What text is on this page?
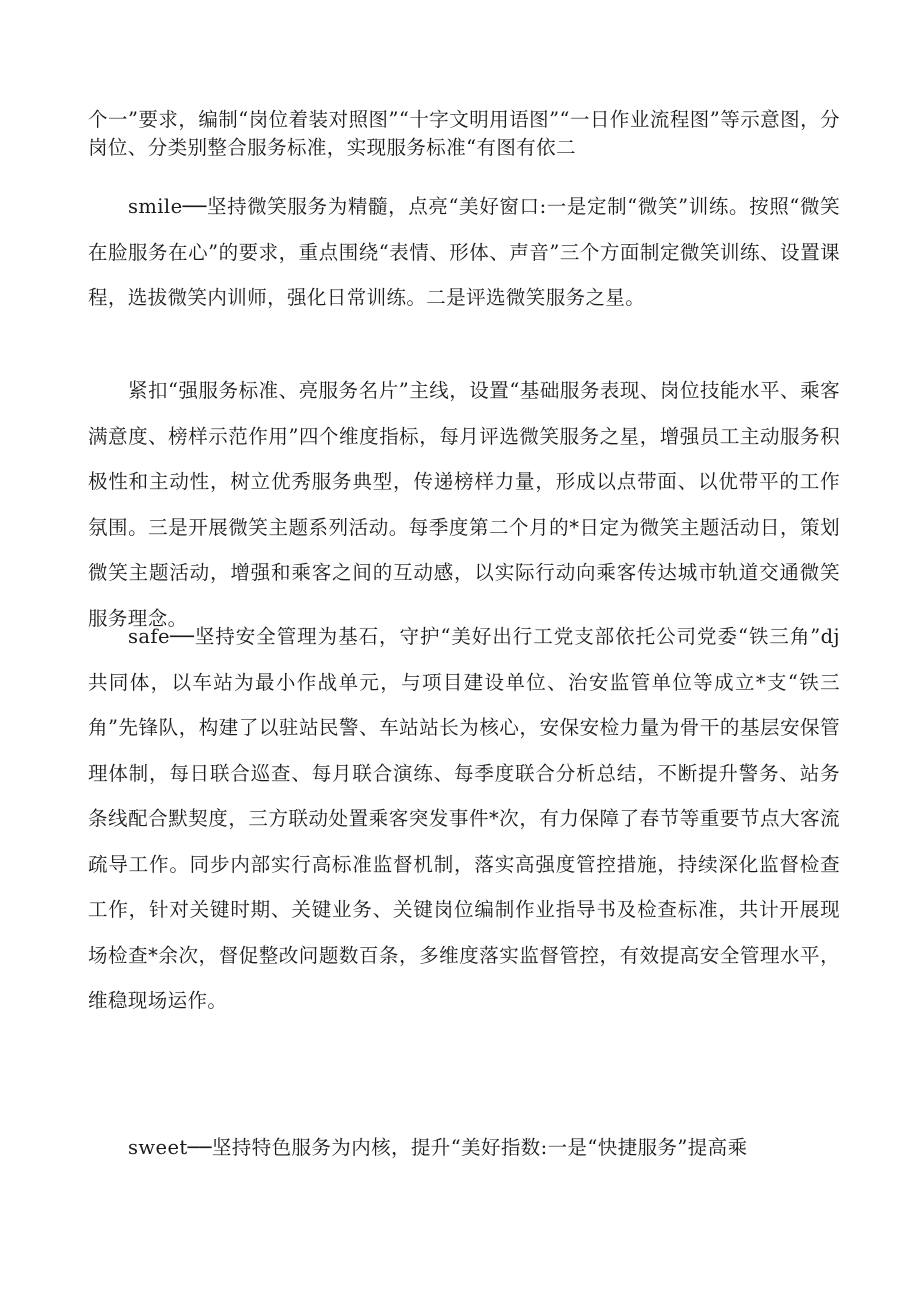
个一”要求，编制“岗位着装对照图”“十字文明用语图”“一日作业流程图”等示意图，分岗位、分类别整合服务标准，实现服务标准“有图有依二

smile──坚持微笑服务为精髓，点亮“美好窗口:一是定制“微笑”训练。按照“微笑在脸服务在心”的要求，重点围绕“表情、形体、声音”三个方面制定微笑训练、设置课程，选拔微笑内训师，强化日常训练。二是评选微笑服务之星。

紧扣“强服务标准、亮服务名片”主线，设置“基础服务表现、岗位技能水平、乘客满意度、榜样示范作用”四个维度指标，每月评选微笑服务之星，增强员工主动服务积极性和主动性，树立优秀服务典型，传递榜样力量，形成以点带面、以优带平的工作氛围。三是开展微笑主题系列活动。每季度第二个月的*日定为微笑主题活动日，策划微笑主题活动，增强和乘客之间的互动感，以实际行动向乘客传达城市轨道交通微笑服务理念。

safe──坚持安全管理为基石，守护“美好出行工党支部依托公司党委“铁三角”dj共同体，以车站为最小作战单元，与项目建设单位、治安监管单位等成立*支“铁三角”先锋队，构建了以驻站民警、车站站长为核心，安保安检力量为骨干的基层安保管理体制，每日联合巡查、每月联合演练、每季度联合分析总结，不断提升警务、站务条线配合默契度，三方联动处置乘客突发事件*次，有力保障了春节等重要节点大客流疏导工作。同步内部实行高标准监督机制，落实高强度管控措施，持续深化监督检查工作，针对关键时期、关键业务、关键岗位编制作业指导书及检查标准，共计开展现场检查*余次，督促整改问题数百条，多维度落实监督管控，有效提高安全管理水平，维稳现场运作。

sweet──坚持特色服务为内核，提升“美好指数:一是“快捷服务”提高乘
